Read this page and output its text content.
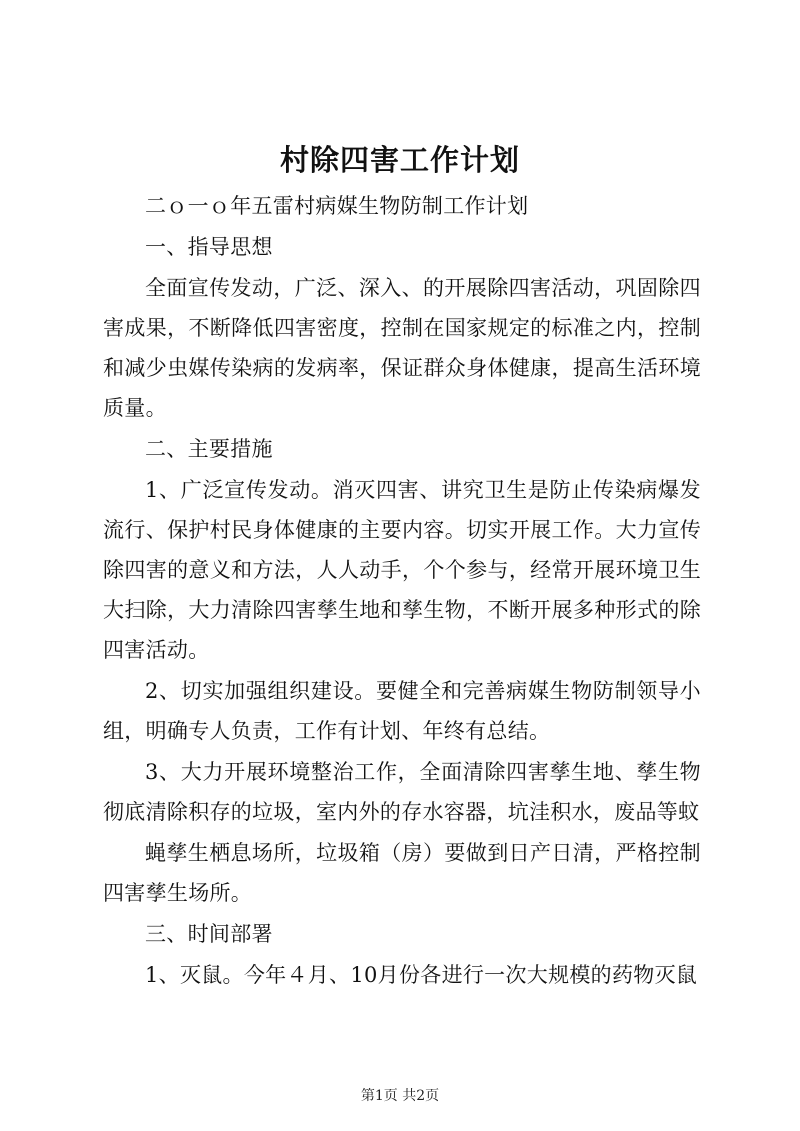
村除四害工作计划

二ｏ一ｏ年五雷村病媒生物防制工作计划

一、指导思想

全面宣传发动，广泛、深入、的开展除四害活动，巩固除四害成果，不断降低四害密度，控制在国家规定的标准之内，控制和减少虫媒传染病的发病率，保证群众身体健康，提高生活环境质量。

二、主要措施

1、广泛宣传发动。消灭四害、讲究卫生是防止传染病爆发流行、保护村民身体健康的主要内容。切实开展工作。大力宣传除四害的意义和方法，人人动手，个个参与，经常开展环境卫生大扫除，大力清除四害孳生地和孳生物，不断开展多种形式的除四害活动。

2、切实加强组织建设。要健全和完善病媒生物防制领导小组，明确专人负责，工作有计划、年终有总结。

3、大力开展环境整治工作，全面清除四害孳生地、孳生物彻底清除积存的垃圾，室内外的存水容器，坑洼积水，废品等蚊

蝇孳生栖息场所，垃圾箱（房）要做到日产日清，严格控制四害孳生场所。

三、时间部署

1、灭鼠。今年４月、10月份各进行一次大规模的药物灭鼠

第1页 共2页
